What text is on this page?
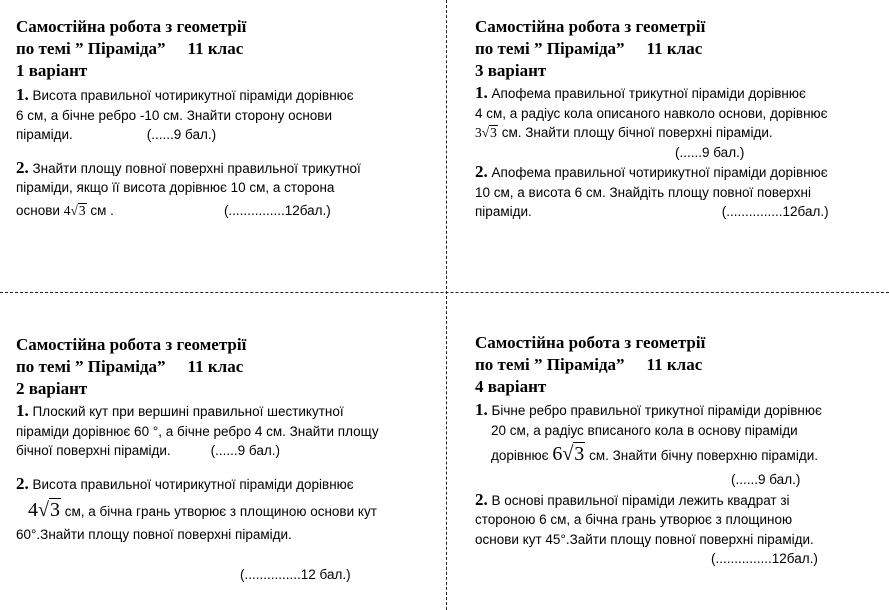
Самостійна робота з геометрії
по темі ” Піраміда” 11 клас
1 варіант

1. Висота правильної чотирикутної піраміди дорівнює

6 см, а бічне ребро -10 см. Знайти сторону основи

піраміди.	(......9 бал.)

2. Знайти площу повної поверхні правильної трикутної

піраміди, якщо її висота дорівнює 10 см, а сторона

основи 4√3 см .	(...............12бал.)

Самостійна робота з геометрії
по темі ” Піраміда” 11 клас
3 варіант

1. Апофема правильної трикутної піраміди дорівнює

4 см, а радіус кола описаного навколо основи, дорівнює

3√3 см. Знайти площу бічної поверхні піраміди.

(......9 бал.)

2. Апофема правильної чотирикутної піраміди дорівнює

10 см, а висота 6 см. Знайдіть площу повної поверхні

піраміди.	(...............12бал.)

Самостійна робота з геометрії
по темі ” Піраміда” 11 клас
2 варіант

1. Плоский кут при вершині правильної шестикутної

піраміди дорівнює 60 °, а бічне ребро 4 см. Знайти площу

бічної поверхні піраміди.	(......9 бал.)

2. Висота правильної чотирикутної піраміди дорівнює

4√3 см, а бічна грань утворює з площиною основи кут

60°.Знайти площу повної поверхні піраміди.

(...............12 бал.)

Самостійна робота з геометрії
по темі ” Піраміда” 11 клас
4 варіант

1. Бічне ребро правильної трикутної піраміди дорівнює

20 см, а радіус вписаного кола в основу піраміди

дорівнює 6√3 см. Знайти бічну поверхню піраміди.

(......9 бал.)

2. В основі правильної піраміди лежить квадрат зі

стороною 6 см, а бічна грань утворює з площиною

основи кут 45°.Зайти площу повної поверхні піраміди.

(...............12бал.)
